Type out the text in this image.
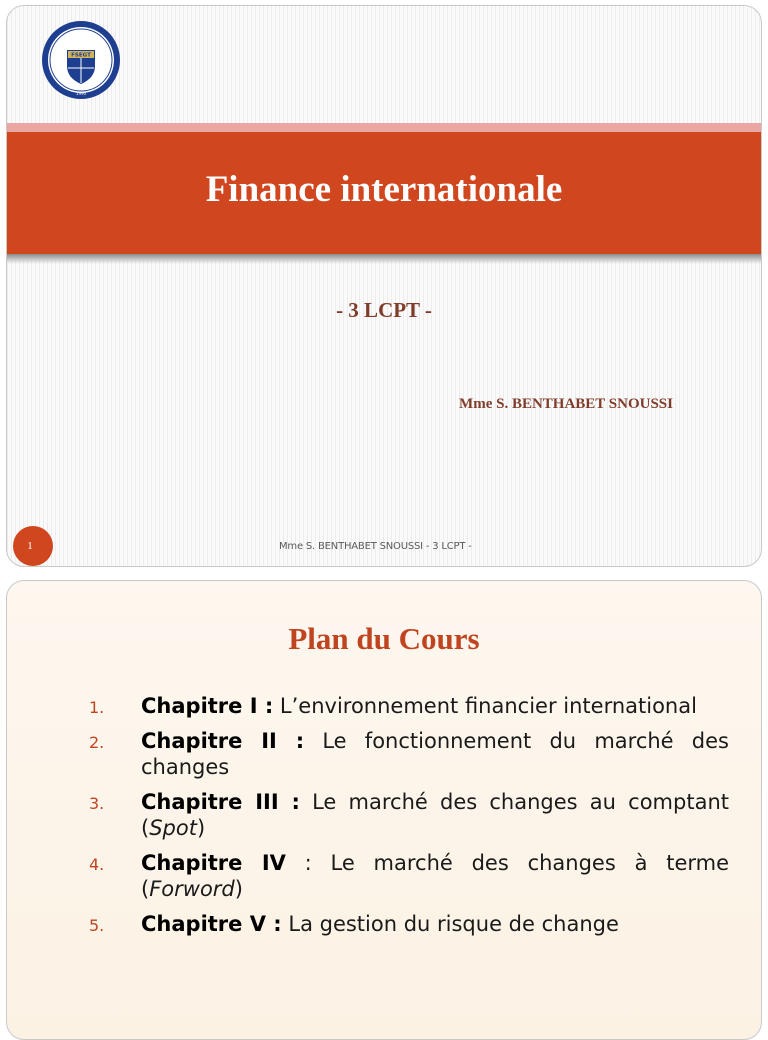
FSEGT
1990
Finance internationale
- 3 LCPT -
Mme S. BENTHABET SNOUSSI
1	Mme S. BENTHABET SNOUSSI - 3 LCPT -
Plan du Cours
1. Chapitre I : L’environnement financier international
2. Chapitre II : Le fonctionnement du marché des changes
3. Chapitre III : Le marché des changes au comptant (Spot)
4. Chapitre IV : Le marché des changes à terme (Forword)
5. Chapitre V : La gestion du risque de change
